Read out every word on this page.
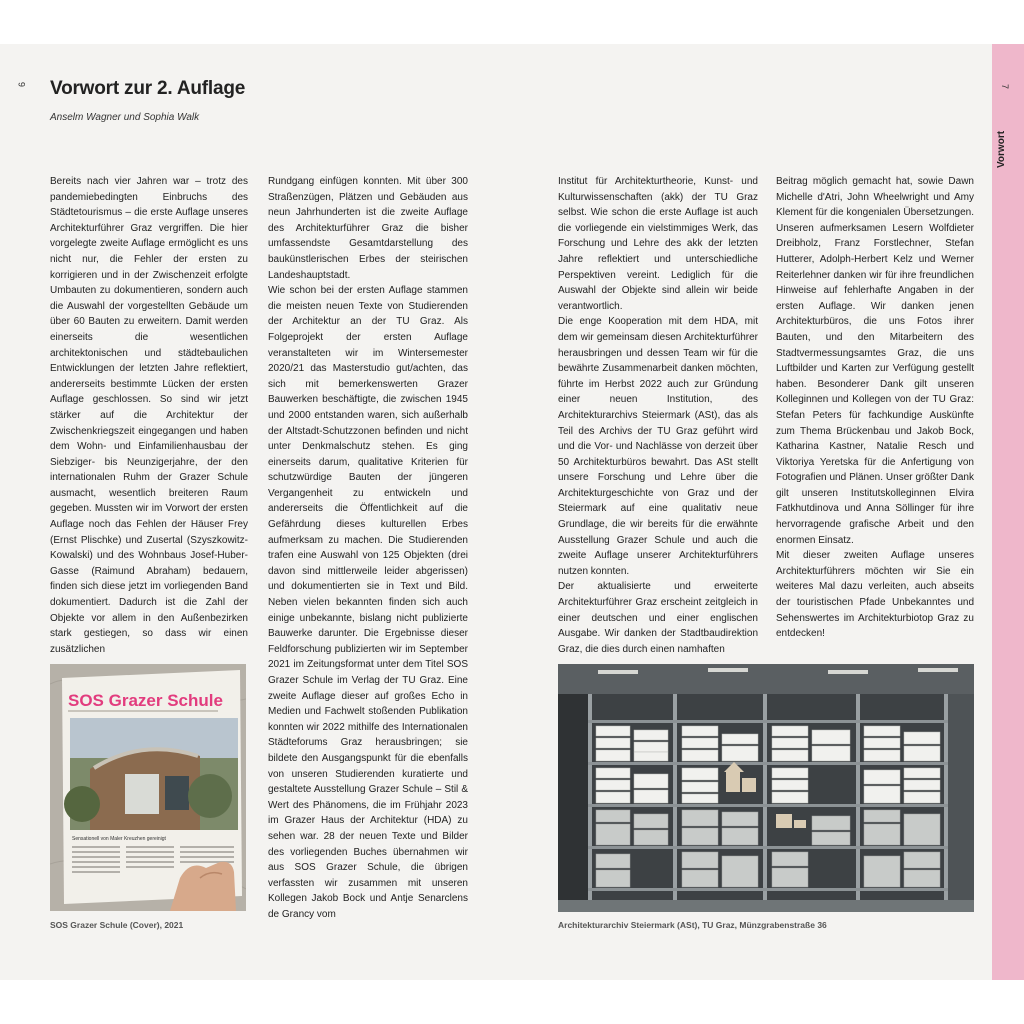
Vorwort
6	7
Vorwort zur 2. Auflage
Anselm Wagner und Sophia Walk

Bereits nach vier Jahren war – trotz des pandemiebedingten Einbruchs des Städtetourismus – die erste Auflage unseres Architekturführer Graz vergriffen. Die hier vorgelegte zweite Auflage ermöglicht es uns nicht nur, die Fehler der ersten zu korrigieren und in der Zwischenzeit erfolgte Umbauten zu dokumentieren, sondern auch die Auswahl der vorgestellten Gebäude um über 60 Bauten zu erweitern. Damit werden einerseits die wesentlichen architektonischen und städtebaulichen Entwicklungen der letzten Jahre reflektiert, andererseits bestimmte Lücken der ersten Auflage geschlossen. So sind wir jetzt stärker auf die Architektur der Zwischenkriegszeit eingegangen und haben dem Wohn- und Einfamilienhausbau der Siebziger- bis Neunzigerjahre, der den internationalen Ruhm der Grazer Schule ausmacht, wesentlich breiteren Raum gegeben. Mussten wir im Vorwort der ersten Auflage noch das Fehlen der Häuser Frey (Ernst Plischke) und Zusertal (Szyszkowitz-Kowalski) und des Wohnbaus Josef-Huber-Gasse (Raimund Abraham) bedauern, finden sich diese jetzt im vorliegenden Band dokumentiert. Dadurch ist die Zahl der Objekte vor allem in den Außenbezirken stark gestiegen, so dass wir einen zusätzlichen

Rundgang einfügen konnten. Mit über 300 Straßenzügen, Plätzen und Gebäuden aus neun Jahrhunderten ist die zweite Auflage des Architekturführer Graz die bisher umfassendste Gesamtdarstellung des baukünstlerischen Erbes der steirischen Landeshauptstadt.

Wie schon bei der ersten Auflage stammen die meisten neuen Texte von Studierenden der Architektur an der TU Graz. Als Folgeprojekt der ersten Auflage veranstalteten wir im Wintersemester 2020/21 das Masterstudio gut/achten, das sich mit bemerkenswerten Grazer Bauwerken beschäftigte, die zwischen 1945 und 2000 entstanden waren, sich außerhalb der Altstadt-Schutzzonen befinden und nicht unter Denkmalschutz stehen. Es ging einerseits darum, qualitative Kriterien für schutzwürdige Bauten der jüngeren Vergangenheit zu entwickeln und andererseits die Öffentlichkeit auf die Gefährdung dieses kulturellen Erbes aufmerksam zu machen. Die Studierenden trafen eine Auswahl von 125 Objekten (drei davon sind mittlerweile leider abgerissen) und dokumentierten sie in Text und Bild. Neben vielen bekannten finden sich auch einige unbekannte, bislang nicht publizierte Bauwerke darunter. Die Ergebnisse dieser Feldforschung publizierten wir im September 2021 im Zeitungsformat unter dem Titel SOS Grazer Schule im Verlag der TU Graz. Eine zweite Auflage dieser auf großes Echo in Medien und Fachwelt stoßenden Publikation konnten wir 2022 mithilfe des Internationalen Städteforums Graz herausbringen; sie bildete den Ausgangspunkt für die ebenfalls von unseren Studierenden kuratierte und gestaltete Ausstellung Grazer Schule – Stil & Wert des Phänomens, die im Frühjahr 2023 im Grazer Haus der Architektur (HDA) zu sehen war. 28 der neuen Texte und Bilder des vorliegenden Buches übernahmen wir aus SOS Grazer Schule, die übrigen verfassten wir zusammen mit unseren Kollegen Jakob Bock und Antje Senarclens de Grancy vom

Institut für Architekturtheorie, Kunst- und Kulturwissenschaften (akk) der TU Graz selbst. Wie schon die erste Auflage ist auch die vorliegende ein vielstimmiges Werk, das Forschung und Lehre des akk der letzten Jahre reflektiert und unterschiedliche Perspektiven vereint. Lediglich für die Auswahl der Objekte sind allein wir beide verantwortlich.

Die enge Kooperation mit dem HDA, mit dem wir gemeinsam diesen Architekturführer herausbringen und dessen Team wir für die bewährte Zusammenarbeit danken möchten, führte im Herbst 2022 auch zur Gründung einer neuen Institution, des Architekturarchivs Steiermark (ASt), das als Teil des Archivs der TU Graz geführt wird und die Vor- und Nachlässe von derzeit über 50 Architekturbüros bewahrt. Das ASt stellt unsere Forschung und Lehre über die Architekturgeschichte von Graz und der Steiermark auf eine qualitativ neue Grundlage, die wir bereits für die erwähnte Ausstellung Grazer Schule und auch die zweite Auflage unserer Architekturführers nutzen konnten.

Der aktualisierte und erweiterte Architekturführer Graz erscheint zeitgleich in einer deutschen und einer englischen Ausgabe. Wir danken der Stadtbaudirektion Graz, die dies durch einen namhaften

Beitrag möglich gemacht hat, sowie Dawn Michelle d'Atri, John Wheelwright und Amy Klement für die kongenialen Übersetzungen. Unseren aufmerksamen Lesern Wolfdieter Dreibholz, Franz Forstlechner, Stefan Hutterer, Adolph-Herbert Kelz und Werner Reiterlehner danken wir für ihre freundlichen Hinweise auf fehlerhafte Angaben in der ersten Auflage. Wir danken jenen Architekturbüros, die uns Fotos ihrer Bauten, und den Mitarbeitern des Stadtvermessungsamtes Graz, die uns Luftbilder und Karten zur Verfügung gestellt haben. Besonderer Dank gilt unseren Kolleginnen und Kollegen von der TU Graz: Stefan Peters für fachkundige Auskünfte zum Thema Brückenbau und Jakob Bock, Katharina Kastner, Natalie Resch und Viktoriya Yeretska für die Anfertigung von Fotografien und Plänen. Unser größter Dank gilt unseren Institutskolleginnen Elvira Fatkhutdinova und Anna Söllinger für ihre hervorragende grafische Arbeit und den enormen Einsatz.

Mit dieser zweiten Auflage unseres Architekturführers möchten wir Sie ein weiteres Mal dazu verleiten, auch abseits der touristischen Pfade Unbekanntes und Sehenswertes im Architekturbiotop Graz zu entdecken!

SOS Grazer Schule
Sensationell von Maler Kreuzhen gereinigt
SOS Grazer Schule (Cover), 2021	Architekturarchiv Steiermark (ASt), TU Graz, Münzgrabenstraße 36
